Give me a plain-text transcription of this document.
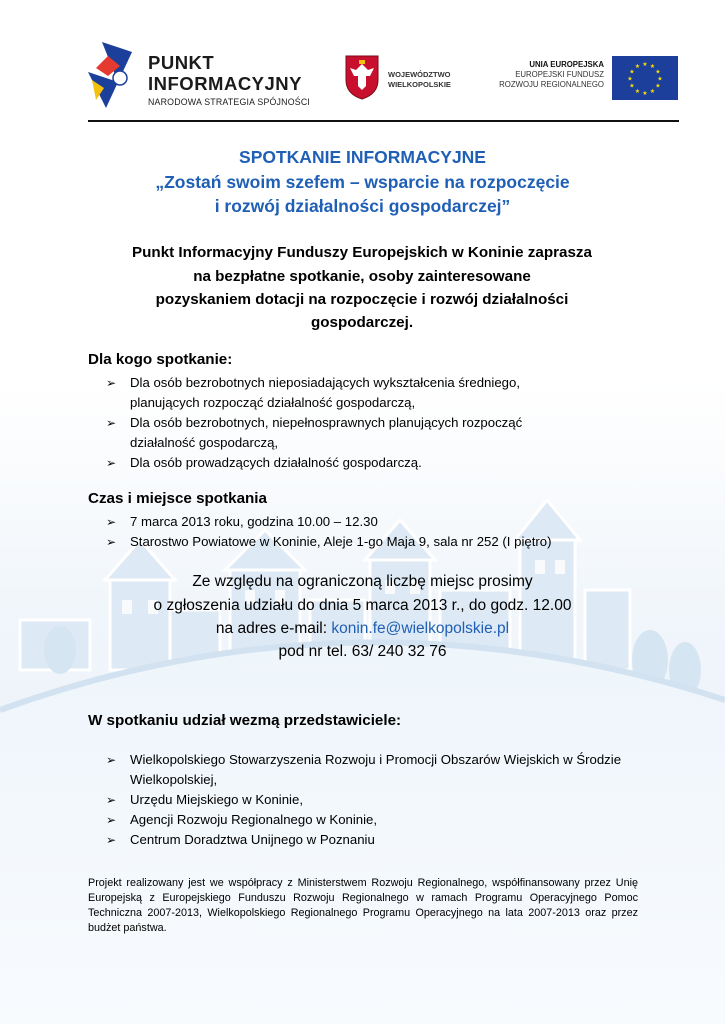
PUNKT
INFORMACYJNY
NARODOWA STRATEGIA SPÓJNOŚCI
WOJEWÓDZTWO
WIELKOPOLSKIE
UNIA EUROPEJSKA
EUROPEJSKI FUNDUSZ
ROZWOJU REGIONALNEGO
★ ★
★
★
★
★
★
★
★
★
★
★
SPOTKANIE INFORMACYJNE
„Zostań swoim szefem – wsparcie na rozpoczęcie
i rozwój działalności gospodarczej”
Punkt Informacyjny Funduszy Europejskich w Koninie zaprasza
na bezpłatne spotkanie, osoby zainteresowane
pozyskaniem dotacji na rozpoczęcie i rozwój działalności
gospodarczej.
Dla kogo spotkanie:
➢ Dla osób bezrobotnych nieposiadających wykształcenia średniego, planujących rozpocząć działalność gospodarczą,
➢ Dla osób bezrobotnych, niepełnosprawnych planujących rozpocząć działalność gospodarczą,
➢ Dla osób prowadzących działalność gospodarczą.
Czas i miejsce spotkania
➢ 7 marca 2013 roku, godzina 10.00 – 12.30
➢ Starostwo Powiatowe w Koninie, Aleje 1-go Maja 9, sala nr 252 (I piętro)
Ze względu na ograniczoną liczbę miejsc prosimy
o zgłoszenia udziału do dnia 5 marca 2013 r., do godz. 12.00
na adres e-mail: konin.fe@wielkopolskie.pl
pod nr tel. 63/ 240 32 76
W spotkaniu udział wezmą przedstawiciele:
➢ Wielkopolskiego Stowarzyszenia Rozwoju i Promocji Obszarów Wiejskich w Środzie Wielkopolskiej,
➢ Urzędu Miejskiego w Koninie,
➢ Agencji Rozwoju Regionalnego w Koninie,
➢ Centrum Doradztwa Unijnego w Poznaniu
Projekt realizowany jest we współpracy z Ministerstwem Rozwoju Regionalnego, współfinansowany przez Unię Europejską z Europejskiego Funduszu Rozwoju Regionalnego w ramach Programu Operacyjnego Pomoc Techniczna 2007-2013, Wielkopolskiego Regionalnego Programu Operacyjnego na lata 2007-2013 oraz przez budżet państwa.
